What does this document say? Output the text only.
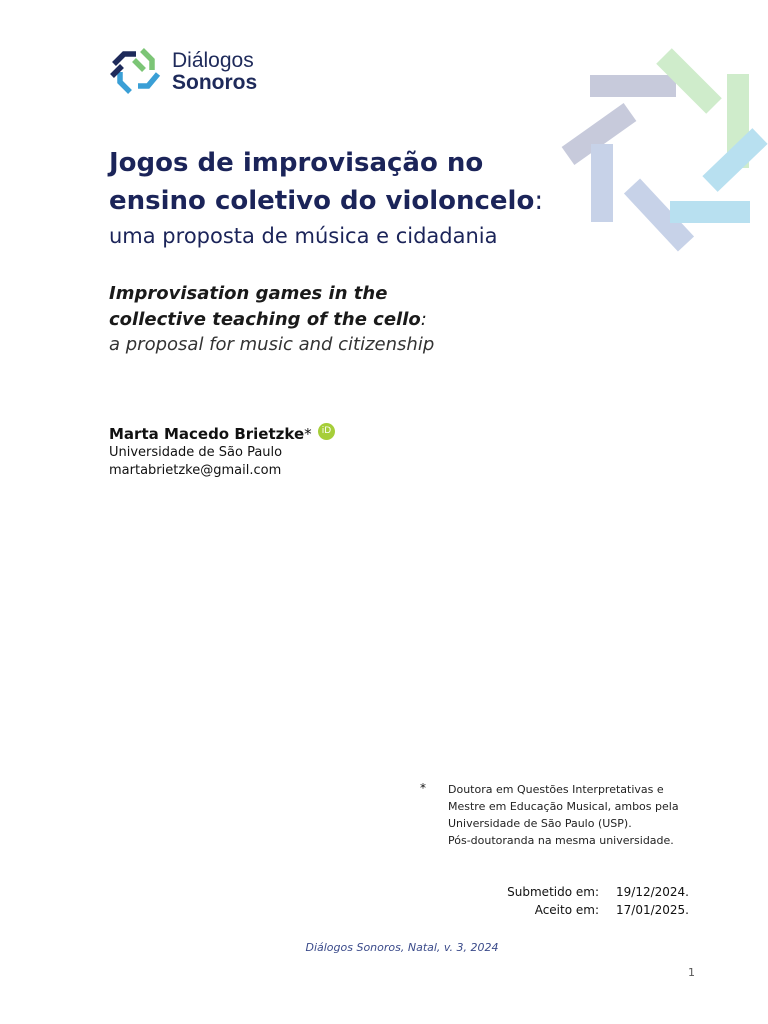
Diálogos
Sonoros
Jogos de improvisação no ensino coletivo do violoncelo:
uma proposta de música e cidadania
Improvisation games in the
collective teaching of the cello:
a proposal for music and citizenship
Marta Macedo Brietzke*	iD
Universidade de São Paulo
martabrietzke@gmail.com
* Doutora em Questões Interpretativas e
Mestre em Educação Musical, ambos pela
Universidade de São Paulo (USP).
Pós-doutoranda na mesma universidade.
Submetido em: 19/12/2024.
Aceito em: 17/01/2025.
Diálogos Sonoros, Natal, v. 3, 2024
1
